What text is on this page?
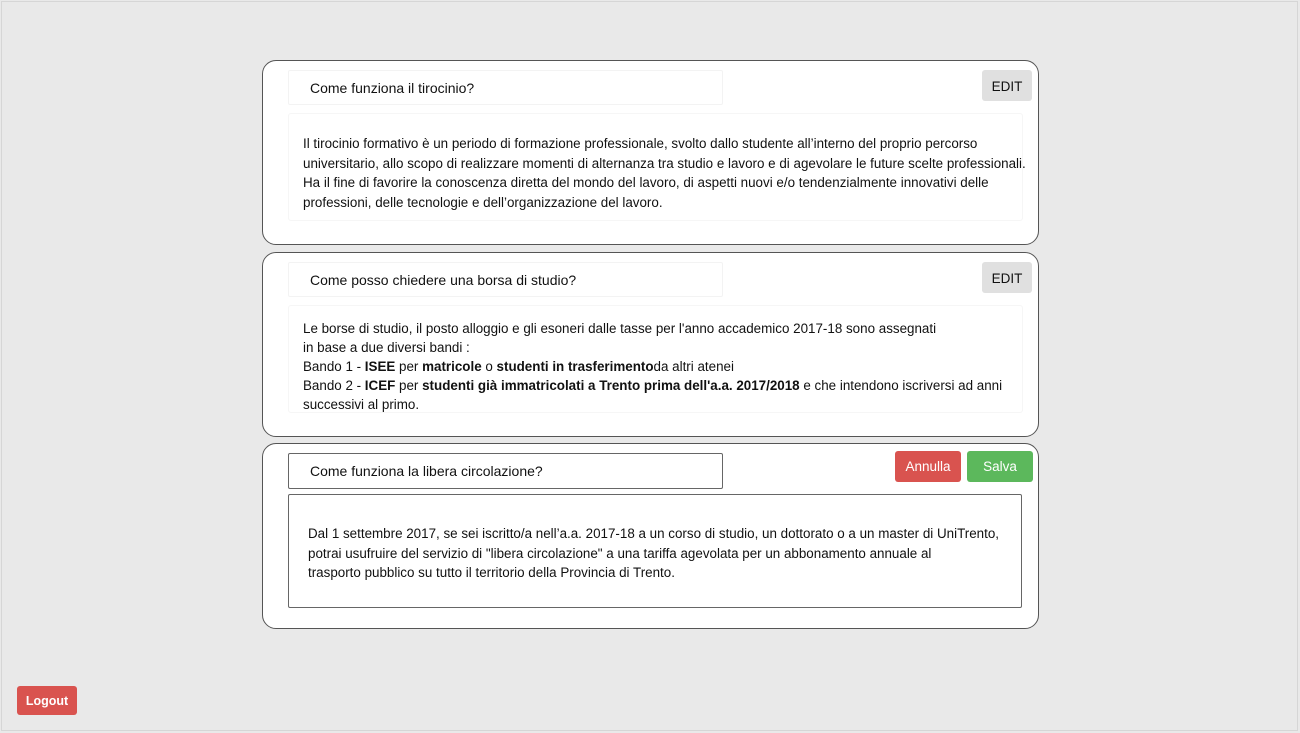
Come funziona il tirocinio?	EDIT
Il tirocinio formativo è un periodo di formazione professionale, svolto dallo studente all’interno del proprio percorso
universitario, allo scopo di realizzare momenti di alternanza tra studio e lavoro e di agevolare le future scelte professionali.
Ha il fine di favorire la conoscenza diretta del mondo del lavoro, di aspetti nuovi e/o tendenzialmente innovativi delle
professioni, delle tecnologie e dell’organizzazione del lavoro.
Come posso chiedere una borsa di studio?	EDIT
Le borse di studio, il posto alloggio e gli esoneri dalle tasse per l'anno accademico 2017-18 sono assegnati
in base a due diversi bandi :
Bando 1 - ISEE per matricole o studenti in trasferimentoda altri atenei
Bando 2 - ICEF per studenti già immatricolati a Trento prima dell'a.a. 2017/2018 e che intendono iscriversi ad anni
successivi al primo.
Come funziona la libera circolazione?
Annulla	Salva
Dal 1 settembre 2017, se sei iscritto/a nell’a.a. 2017-18 a un corso di studio, un dottorato o a un master di UniTrento,
potrai usufruire del servizio di "libera circolazione" a una tariffa agevolata per un abbonamento annuale al
trasporto pubblico su tutto il territorio della Provincia di Trento.
Logout
